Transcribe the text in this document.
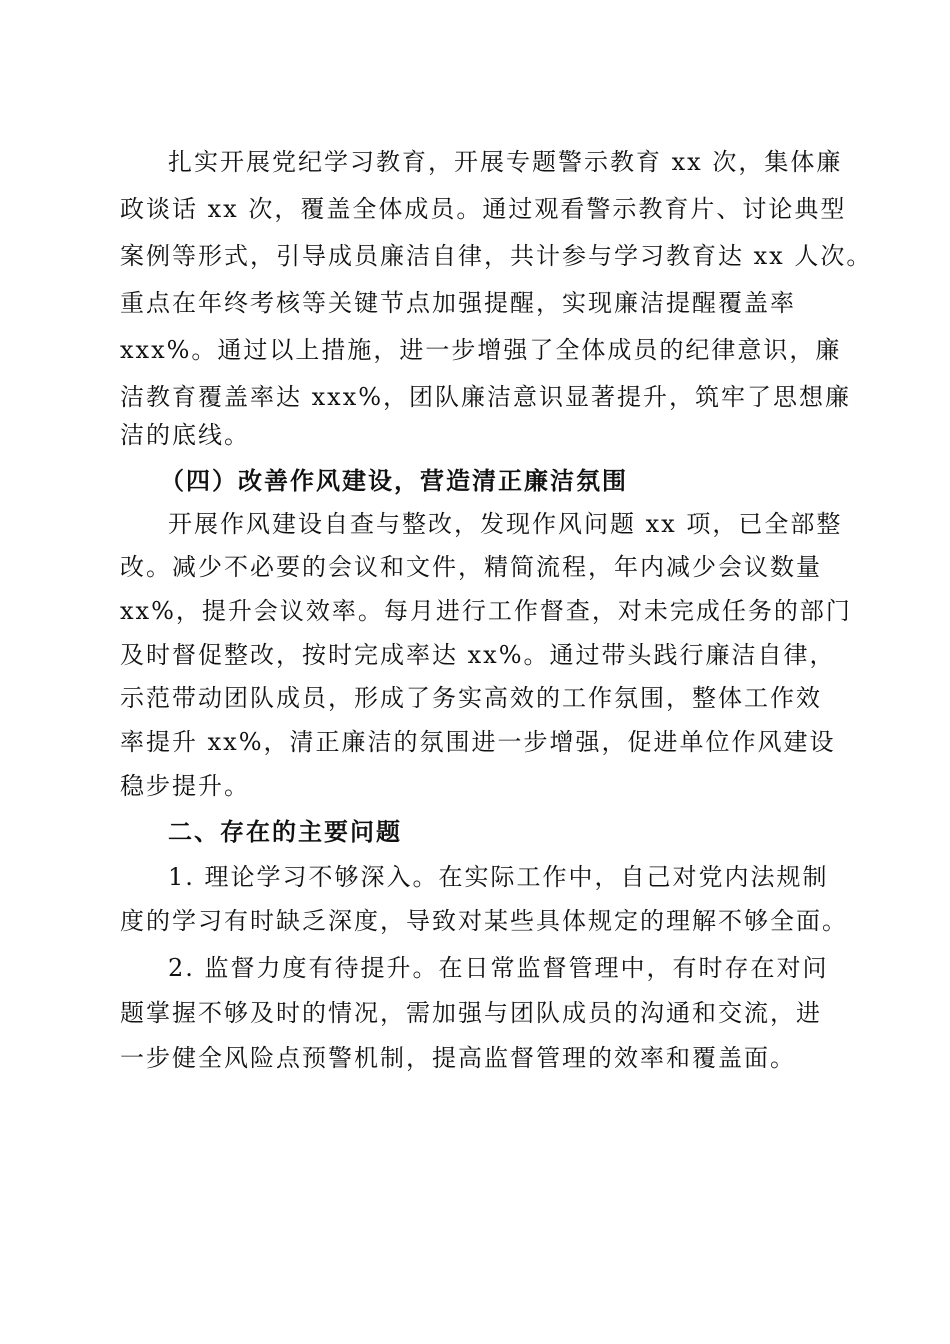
扎实开展党纪学习教育，开展专题警示教育 xx 次，集体廉
政谈话 xx 次，覆盖全体成员。通过观看警示教育片、讨论典型
案例等形式，引导成员廉洁自律，共计参与学习教育达 xx 人次。
重点在年终考核等关键节点加强提醒，实现廉洁提醒覆盖率
xxx%。通过以上措施，进一步增强了全体成员的纪律意识，廉
洁教育覆盖率达 xxx%，团队廉洁意识显著提升，筑牢了思想廉
洁的底线。
（四）改善作风建设，营造清正廉洁氛围
开展作风建设自查与整改，发现作风问题 xx 项，已全部整
改。减少不必要的会议和文件，精简流程，年内减少会议数量
xx%，提升会议效率。每月进行工作督查，对未完成任务的部门
及时督促整改，按时完成率达 xx%。通过带头践行廉洁自律，
示范带动团队成员，形成了务实高效的工作氛围，整体工作效
率提升 xx%，清正廉洁的氛围进一步增强，促进单位作风建设
稳步提升。
二、存在的主要问题
1. 理论学习不够深入。在实际工作中，自己对党内法规制
度的学习有时缺乏深度，导致对某些具体规定的理解不够全面。
2. 监督力度有待提升。在日常监督管理中，有时存在对问
题掌握不够及时的情况，需加强与团队成员的沟通和交流，进
一步健全风险点预警机制，提高监督管理的效率和覆盖面。
